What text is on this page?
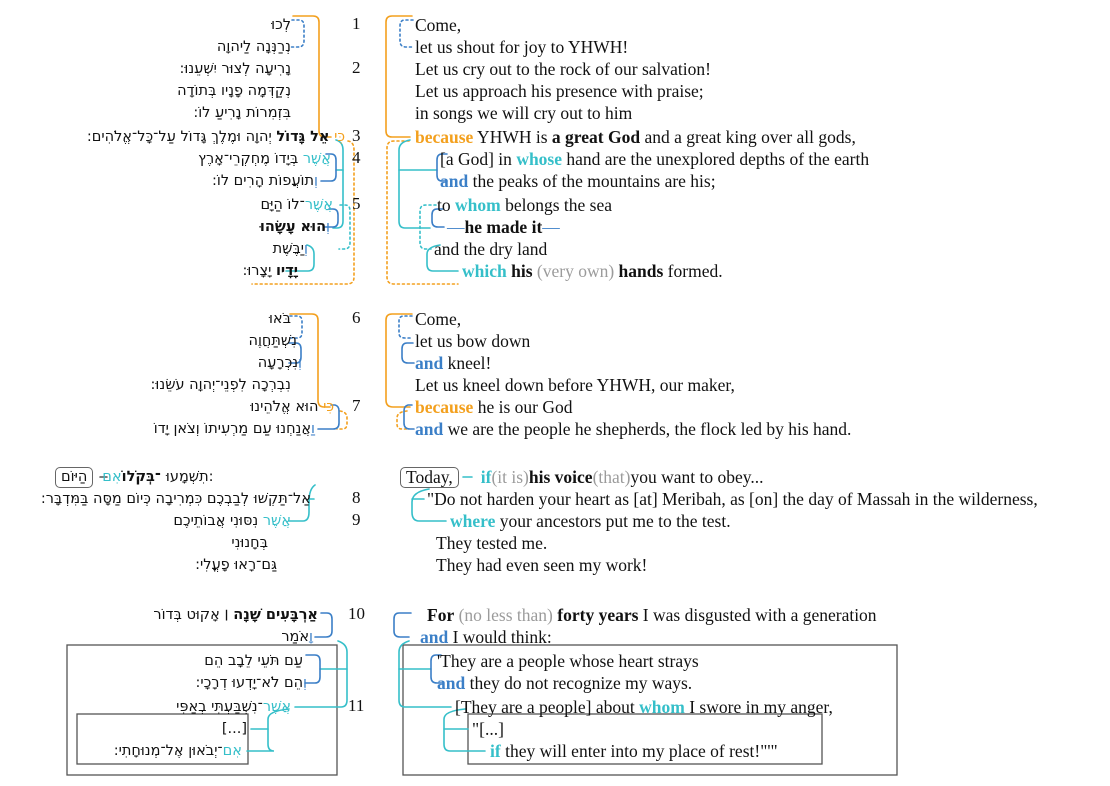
1
לְכוּ	Come,
נְרַנְּנָה לַיהוָה	let us shout for joy to YHWH!
2
נָרִיעָה לְצוּר יִשְׁעֵנוּ:	Let us cry out to the rock of our salvation!
נְקַדְּמָה פָנָיו בְּתוֹדָה	Let us approach his presence with praise;
בִּזְמִרוֹת נָרִיעַ לוֹ:	in songs we will cry out to him
3
כִּי אֵל גָּדוֹל יְהוָה וּמֶלֶךְ גָּדוֹל עַל־כָּל־אֱלֹהִים:	because YHWH is a great God and a great king over all gods,
4
אֲשֶׁר בְּיָדוֹ מֶחְקְרֵי־אָרֶץ	[a God] in whose hand are the unexplored depths of the earth
וְתוֹעֲפוֹת הָרִים לוֹ:	and the peaks of the mountains are his;
5
אֲשֶׁר־לוֹ הַיָּם	to whom belongs the sea
וְהוּא עָשָׂהוּ	—he made it—
וְיַבֶּשֶׁת	and the dry land
יָדָיו יָצָרוּ:	which his (very own) hands formed.
6
בֹּאוּ	Come,
נִשְׁתַּחֲוֶה	let us bow down
וְנִכְרָעָה	and kneel!
נִבְרְכָה לִפְנֵי־יְהוָה עֹשֵׂנוּ:	Let us kneel down before YHWH, our maker,
7
כִּי הוּא אֱלֹהֵינוּ	because he is our God
וַאֲנַחְנוּ עַם מַרְעִיתוֹ וְצֹאן יָדוֹ	and we are the people he shepherds, the flock led by his hand.
הַיּוֹם	אִם ־בְּקֹלוֹ תִשְׁמָעוּ :	Today,	if (it is) his voice (that) you want to obey...
8
אַל־תַּקְשׁוּ לְבַבְכֶם כִּמְרִיבָה כְּיוֹם מַסָּה בַּמִּדְבָּר:	"Do not harden your heart as [at] Meribah, as [on] the day of Massah in the wilderness,
9
אֲשֶׁר נִסּוּנִי אֲבוֹתֵיכֶם	where your ancestors put me to the test.
בְּחָנוּנִי	They tested me.
גַּם־רָאוּ פָעֳלִי:	They had even seen my work!
10
אַרְבָּעִים שָׁנָה ׀ אָקוּט בְּדוֹר	For (no less than) forty years I was disgusted with a generation
וָאֹמַר	and I would think:
עַם תֹּעֵי לֵבָב הֵם	'They are a people whose heart strays
וְהֵם לֹא־יָדְעוּ דְרָכָי:	and they do not recognize my ways.
11
אֲשֶׁר־נִשְׁבַּעְתִּי בְאַפִּי	[They are a people] about whom I swore in my anger,
[...]	"[...]
אִם־יְבֹאוּן אֶל־מְנוּחָתִי:	if they will enter into my place of rest!"'"
